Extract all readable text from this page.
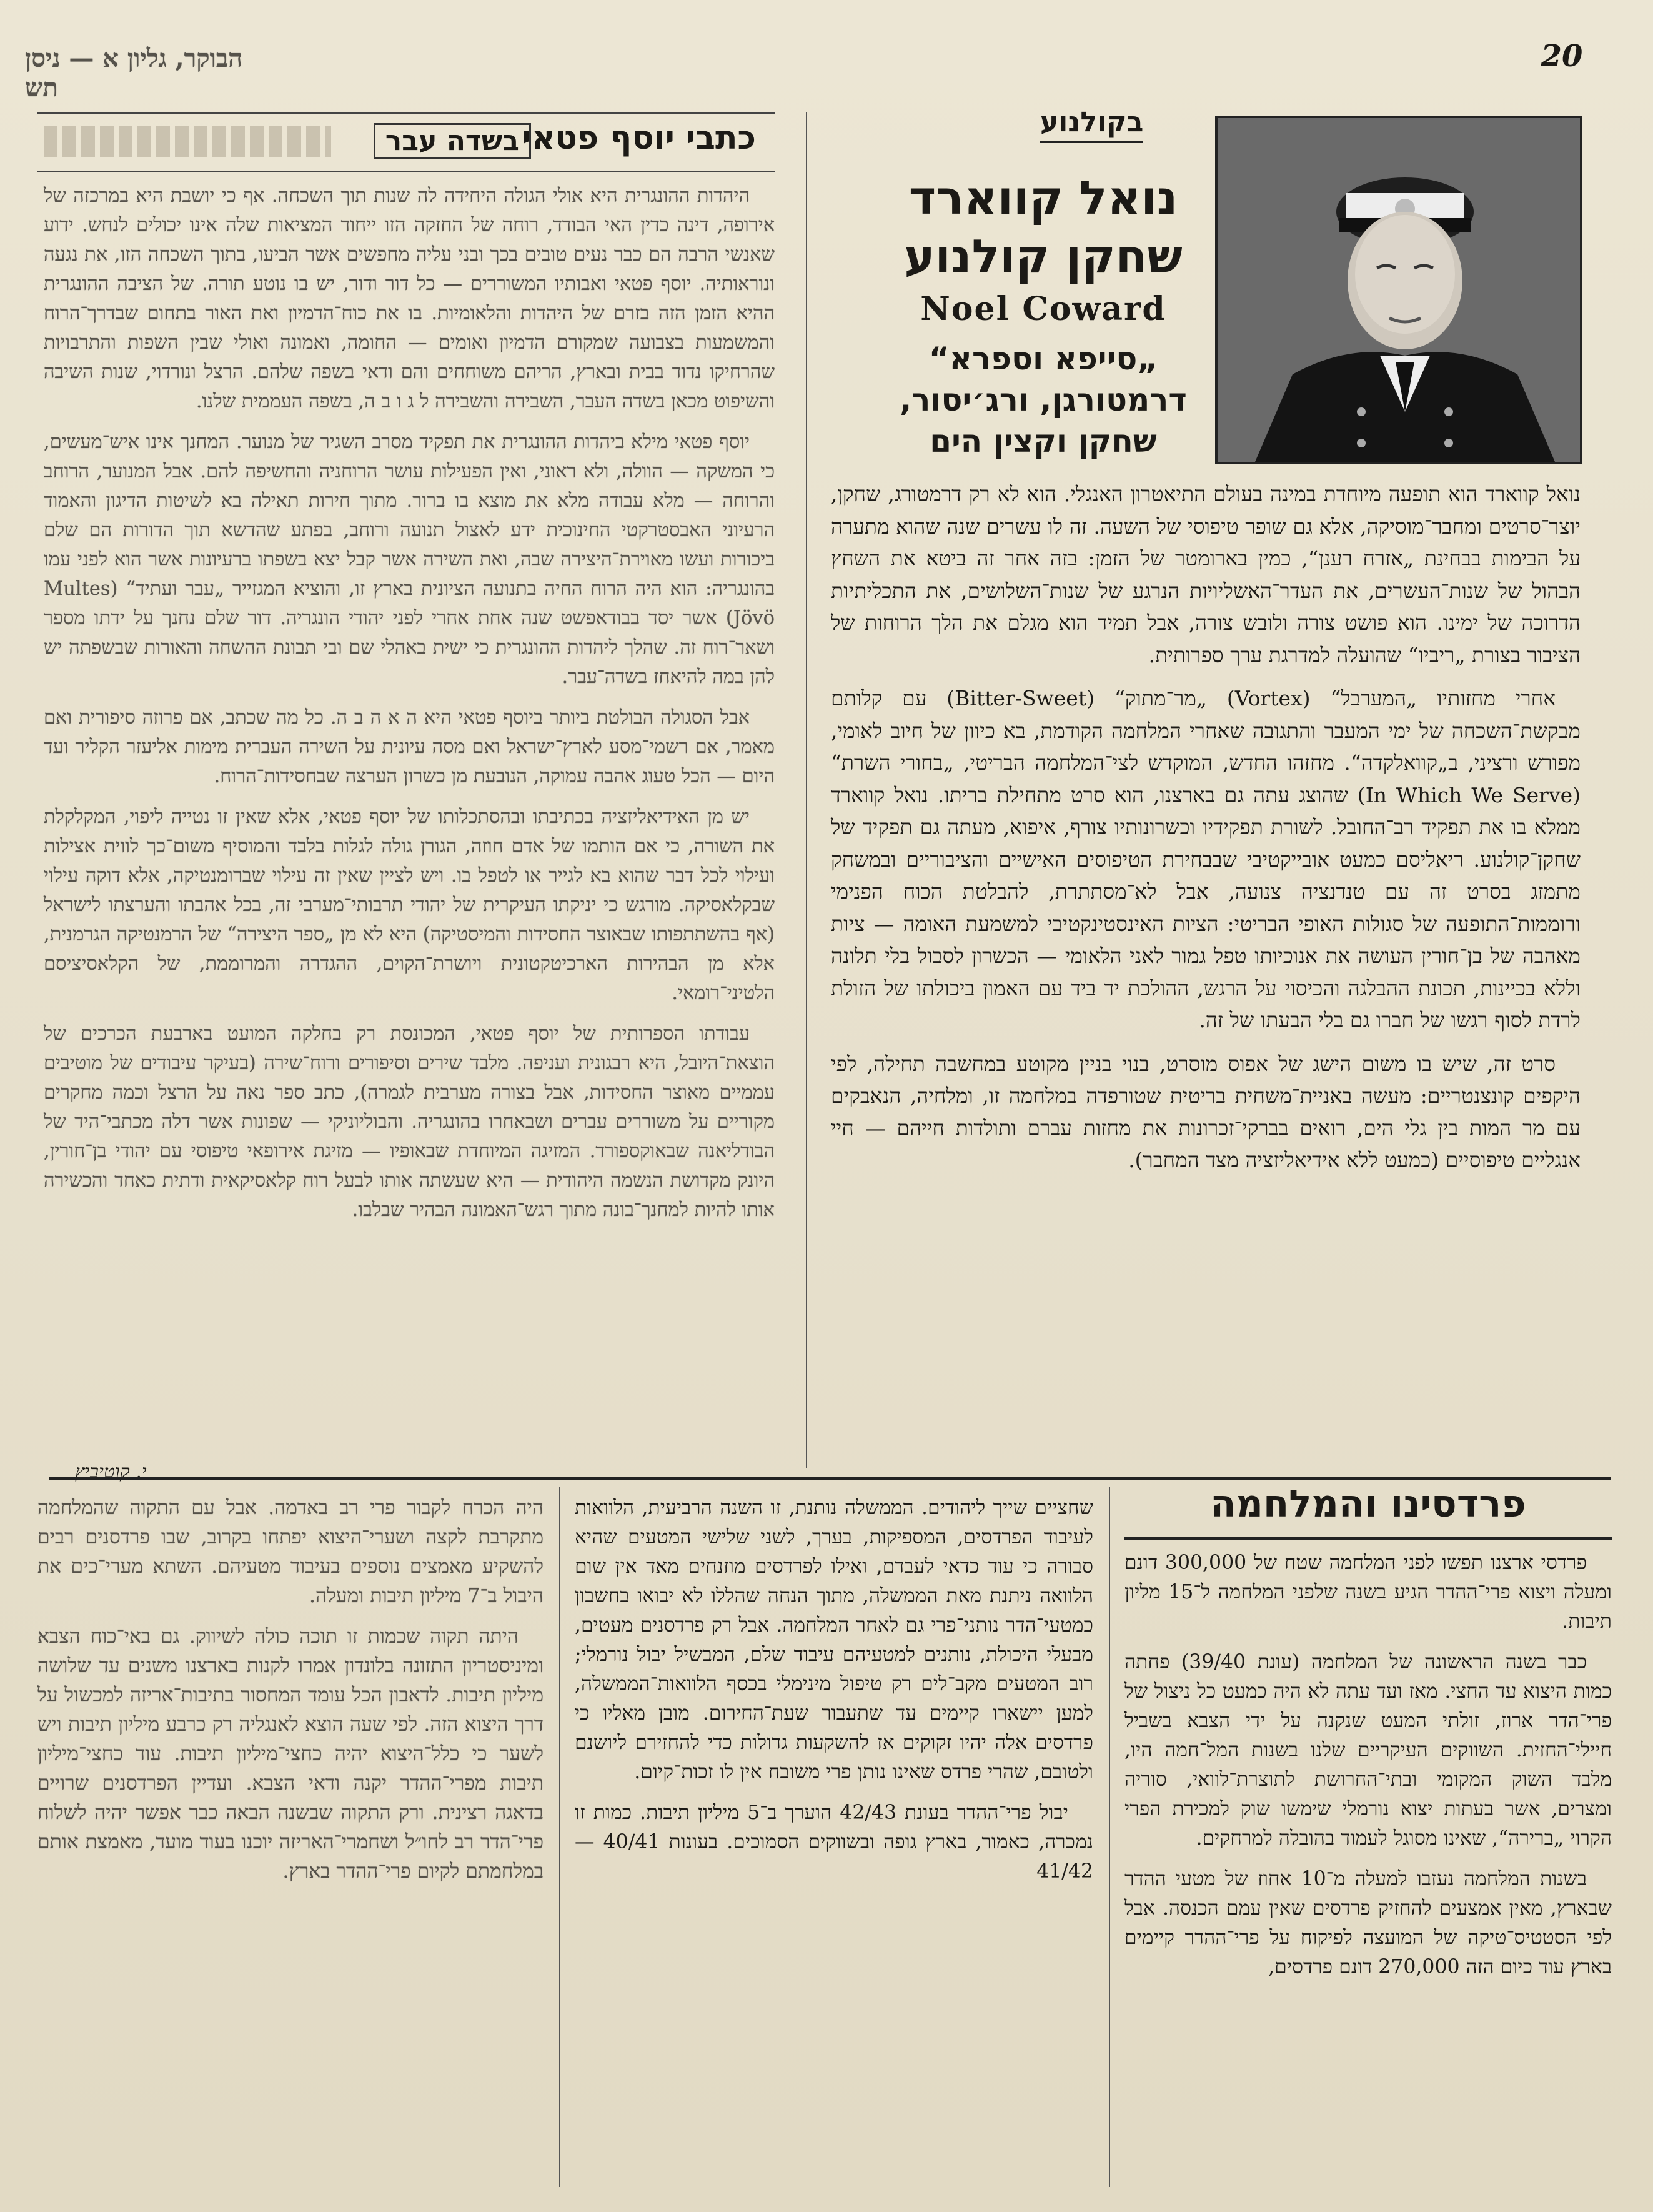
הבוקר, גליון א — ניסן תש
20
בקולנוע
נואל קווארד
שחקן קולנוע
Noel Coward
„סייפא וספרא“
דרמטורגן, ורג׳יסור,
שחקן וקצין הים

נואל קווארד הוא תופעה מיוחדת במינה בעולם התיאטרון האנגלי. הוא לא רק דרמטורג, שחקן, יוצר־סרטים ומחבר־מוסיקה, אלא גם שופר טיפוסי של השעה. זה לו עשרים שנה שהוא מתערה על הבימות בבחינת „אזרח רענן“, כמין בארומטר של הזמן: בזה אחר זה ביטא את השחץ הבהול של שנות־העשרים, את העדר־האשליויות הנרגע של שנות־השלושים, את התכליתיות הדרוכה של ימינו. הוא פושט צורה ולובש צורה, אבל תמיד הוא מגלם את הלך הרוחות של הציבור בצורת „ריביו“ שהועלה למדרגת ערך ספרותית.

אחרי מחזותיו „המערבל“ (Vortex) „מר־מתוק“ (Bitter-Sweet) עם קלותם מבקשת־השכחה של ימי המעבר והתגובה שאחרי המלחמה הקודמת, בא כיוון של חיוב לאומי, מפורש ורציני, ב„קוואלקדה“. מחזהו החדש, המוקדש לצי־המלחמה הבריטי, „בחורי השרת“ (In Which We Serve) שהוצג עתה גם בארצנו, הוא סרט מתחילת בריתו. נואל קווארד ממלא בו את תפקיד רב־החובל. לשורת תפקידיו וכשרונותיו צורף, איפוא, מעתה גם תפקיד של שחקן־קולנוע. ריאליסם כמעט אובייקטיבי שבבחירת הטיפוסים האישיים והציבוריים ובמשחק מתמזג בסרט זה עם טנדנציה צנועה, אבל לא־מסתתרת, להבלטת הכוח הפנימי ורוממות־התופעה של סגולות האופי הבריטי: הציות האינסטינקטיבי למשמעת האומה — ציות מאהבה של בן־חורין העושה את אנוכיותו טפל גמור לאני הלאומי — הכשרון לסבול בלי תלונה וללא בכיינות, תכונת ההבלגה והכיסוי על הרגש, ההולכת יד ביד עם האמון ביכולתו של הזולת לרדת לסוף רגשו של חברו גם בלי הבעתו של זה.

סרט זה, שיש בו משום הישג של אפוס מוסרט, בנוי בניין מקוטע במחשבה תחילה, לפי היקפים קונצנטריים: מעשה באניית־משחית בריטית שטורפדה במלחמה זו, ומלחיה, הנאבקים עם מר המות בין גלי הים, רואים בברקי־זכרונות את מחזות עברם ותולדות חייהם — חיי אנגליים טיפוסיים (כמעט ללא אידיאליזציה מצד המחבר).

כתבי יוסף פטאי
בשדה עבר

היהדות ההונגרית היא אולי הגולה היחידה לה שנות תוך השכחה. אף כי יושבת היא במרכזה של אירופה, דינה כדין האי הבודד, רוחה של החזקה הזו ייחוד המציאות שלה אינו יכולים לנחש. ידוע שאנשי הרבה הם כבר נעים טובים בכך ובני עליה מחפשים אשר הביעו, בתוך השכחה הזו, את נגעה ונוראותיה. יוסף פטאי ואבותיו המשוררים — כל דור ודור, יש בו נוטע תורה. של הציבה ההונגרית ההיא הזמן הזה בזרם של היהדות והלאומיות. בו את כוח־הדמיון ואת האור בתחום שבדרך־הרוח והמשמעות בצבועה שמקורם הדמיון ואומים — החומה, ואמונה ואולי שבין השפות והתרבויות שהרחיקו נדוד בבית ובארץ, הריהם משוחחים והם ודאי בשפה שלהם. הרצל ונורדוי, שנות השיבה והשיפוט מכאן בשדה העבר, השבירה והשבירה ל ג ו ב ה, בשפה העממית שלנו.

יוסף פטאי מילא ביהדות ההונגרית את תפקיד מסרב השגיר של מנוער. המחנך אינו איש־מעשים, כי המשקה — הוולה, ולא ראוני, ואין הפעילות עושר הרוחניה והחשיפה להם. אבל המנוער, הרוחב והרוחה — מלא עבודה מלא את מוצא בו ברור. מתוך חירות תאילה בא לשיטות הדיגון והאמוד הרעיוני האבסטרקטי החינוכית ידע לאצול תנועה ורוחב, בפתע שהדשא תוך הדורות הם שלם ביכורות ועשו מאוירת־היצירה שבה, ואת השירה אשר קבל יצא בשפתו ברעיונות אשר הוא לפני עמו בהונגריה: הוא היה הרוח החיה בתנועה הציונית בארץ זו, והוציא המגזייר „עבר ועתיד“ (Multes Jövö) אשר יסד בבודאפשט שנה אחת אחרי לפני יהודי הונגריה. דור שלם נחנך על ידתו מספר ושאר־רוח זה. שהלך ליהדות ההונגרית כי ישית באהלי שם ובי תבונת ההשחה והאורות שבשפתה יש להן במה להיאחז בשדה־עבר.

אבל הסגולה הבולטת ביותר ביוסף פטאי היא ה א ה ב ה. כל מה שכתב, אם פרוזה סיפורית ואם מאמר, אם רשמי־מסע לארץ־ישראל ואם מסה עיונית על השירה העברית מימות אליעזר הקליר ועד היום — הכל טעוג אהבה עמוקה, הנובעת מן כשרון הערצה שבחסידות־הרוח.

יש מן האידיאליזציה בכתיבתו ובהסתכלותו של יוסף פטאי, אלא שאין זו נטייה ליפוי, המקלקלת את השורה, כי אם הותמו של אדם חוזה, הגורן גולה לגלות בלבד והמוסיף משום־כך לווית אצילות ועילוי לכל דבר שהוא בא לגייר או לטפל בו. ויש לציין שאין זה עילוי שברומנטיקה, אלא דוקה עילוי שבקלאסיקה. מורגש כי יניקתו העיקרית של יהודי תרבותי־מערבי זה, בכל אהבתו והערצתו לישראל (אף בהשתתפותו שבאוצר החסידות והמיסטיקה) היא לא מן „ספר היצירה“ של הרמנטיקה הגרמנית, אלא מן הבהירות הארכיטקטונית ויושרת־הקוים, ההגדרה והמרוממת, של הקלאסיציסם הלטיני־רומאי.

עבודתו הספרותית של יוסף פטאי, המכונסת רק בחלקה המועט בארבעת הכרכים של הוצאת־היובל, היא רבגונית ועניפה. מלבד שירים וסיפורים ורוח־שירה (בעיקר עיבודים של מוטיבים עממיים מאוצר החסידות, אבל בצורה מערבית לגמרה), כתב ספר נאה על הרצל וכמה מחקרים מקוריים על משוררים עברים ושבאחרו בהונגריה. והבוליוניקי — שפונות אשר דלה מכתבי־היד של הבודליאנה שבאוקספורד. המזיגה המיוחדת שבאופיו — מזיגת אירופאי טיפוסי עם יהודי בן־חורין, היונק מקדושת הנשמה היהודית — היא שעשתה אותו לבעל רוח קלאסיקאית ודתית כאחד והכשירה אותו להיות למחנך־בונה מתוך רגש־האמונה הבהיר שבלבו.

י. קוטיביץ
פרדסינו והמלחמה

פרדסי ארצנו תפשו לפני המלחמה שטח של 300,000 דונם ומעלה ויצוא פרי־ההדר הגיע בשנה שלפני המלחמה ל־15 מליון תיבות.

כבר בשנה הראשונה של המלחמה (עונת 39/40) פחתה כמות היצוא עד החצי. מאז ועד עתה לא היה כמעט כל ניצול של פרי־הדר ארוז, זולתי המעט שנקנה על ידי הצבא בשביל חיילי־החזית. השווקים העיקריים שלנו בשנות המל־חמה היו, מלבד השוק המקומי ובתי־החרושת לתוצרת־לוואי, סוריה ומצרים, אשר בעתות יצוא נורמלי שימשו שוק למכירת הפרי הקרוי „ברירה“, שאינו מסוגל לעמוד בהובלה למרחקים.

בשנות המלחמה נעזבו למעלה מ־10 אחוז של מטעי ההדר שבארץ, מאין אמצעים להחזיק פרדסים שאין עמם הכנסה. אבל לפי הסטטיס־טיקה של המועצה לפיקוח על פרי־ההדר קיימים בארץ עוד כיום הזה 270,000 דונם פרדסים,

שחציים שייך ליהודים. הממשלה נותנת, זו השנה הרביעית, הלוואות לעיבוד הפרדסים, המספיקות, בערך, לשני שלישי המטעים שהיא סבורה כי עוד כדאי לעבדם, ואילו לפרדסים מוזנחים מאד אין שום הלוואה ניתנת מאת הממשלה, מתוך הנחה שהללו לא יבואו בחשבון כמטעי־הדר נותני־פרי גם לאחר המלחמה. אבל רק פרדסנים מעטים, מבעלי היכולת, נותנים למטעיהם עיבוד שלם, המבשיל יבול נורמלי; רוב המטעים מקב־לים רק טיפול מינימלי בכסף הלוואות־הממשלה, למען יישארו קיימים עד שתעבור שעת־החירום. מובן מאליו כי פרדסים אלה יהיו זקוקים אז להשקעות גדולות כדי להחזירם ליושנם ולטובם, שהרי פרדס שאינו נותן פרי משובח אין לו זכות־קיום.

יבול פרי־ההדר בעונת 42/43 הוערך ב־5 מיליון תיבות. כמות זו נמכרה, כאמור, בארץ גופה ובשווקים הסמוכים. בעונות 40/41 — 41/42

היה הכרח לקבור פרי רב באדמה. אבל עם התקוה שהמלחמה מתקרבת לקצה ושערי־היצוא יפתחו בקרוב, שבו פרדסנים רבים להשקיע מאמצים נוספים בעיבוד מטעיהם. השתא מערי־כים את היבול ב־7 מיליון תיבות ומעלה.

היתה תקוה שכמות זו תוכה כולה לשיווק. גם באי־כוח הצבא ומיניסטריון התזונה בלונדון אמרו לקנות בארצנו משנים עד שלושה מיליון תיבות. לדאבון הכל עומד המחסור בתיבות־אריזה למכשול על דרך היצוא הזה. לפי שעה הוצא לאנגליה רק כרבע מיליון תיבות ויש לשער כי כלל־היצוא יהיה כחצי־מיליון תיבות. עוד כחצי־מיליון תיבות מפרי־ההדר יקנה ודאי הצבא. ועדיין הפרדסנים שרויים בדאגה רצינית. ורק התקוה שבשנה הבאה כבר אפשר יהיה לשלוח פרי־הדר רב לחו״ל ושחמרי־האריזה יוכנו בעוד מועד, מאמצת אותם במלחמתם לקיום פרי־ההדר בארץ.
